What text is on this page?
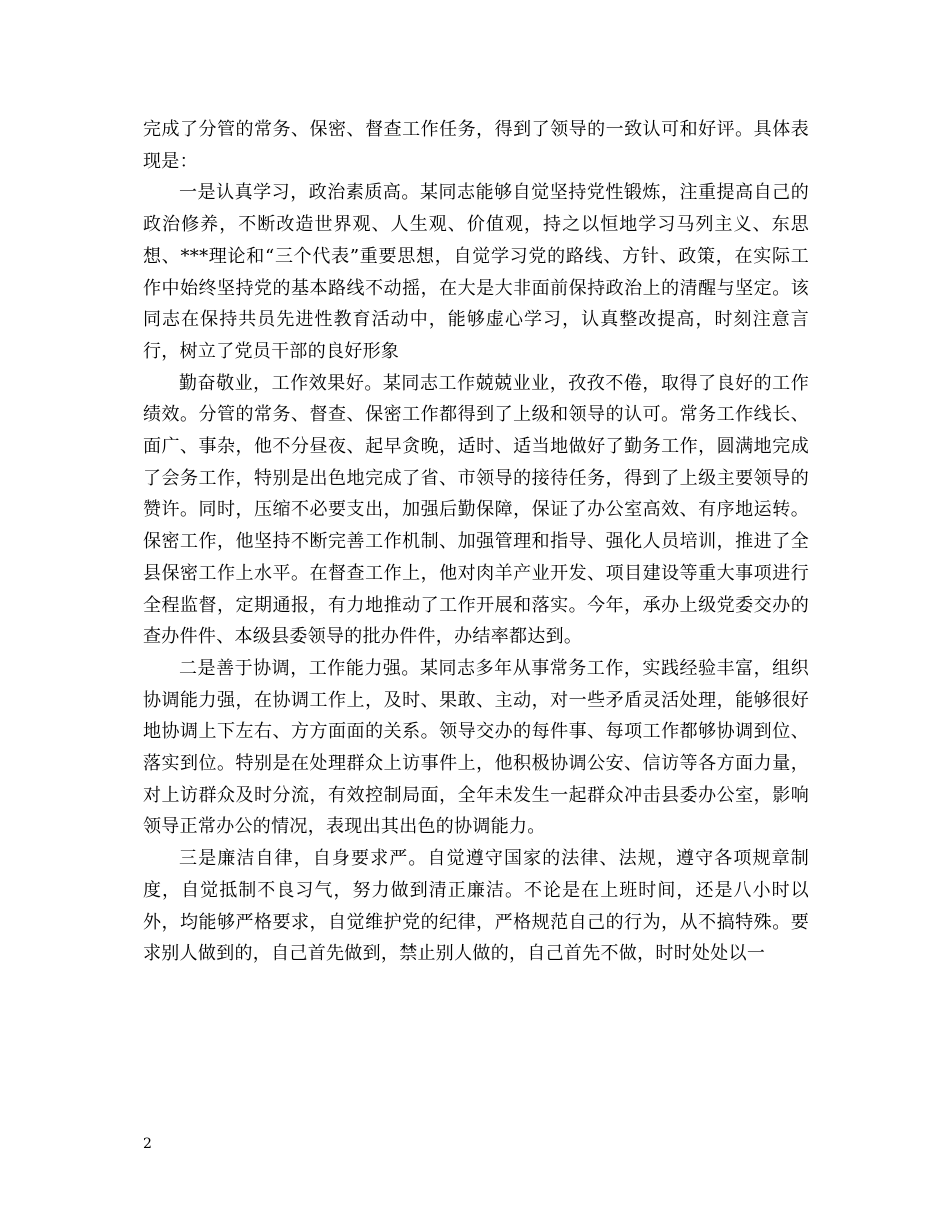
完成了分管的常务、保密、督查工作任务，得到了领导的一致认可和好评。具体表现是：

一是认真学习，政治素质高。某同志能够自觉坚持党性锻炼，注重提高自己的政治修养，不断改造世界观、人生观、价值观，持之以恒地学习马列主义、东思想、***理论和“三个代表”重要思想，自觉学习党的路线、方针、政策，在实际工作中始终坚持党的基本路线不动摇，在大是大非面前保持政治上的清醒与坚定。该同志在保持共员先进性教育活动中，能够虚心学习，认真整改提高，时刻注意言行，树立了党员干部的良好形象

勤奋敬业，工作效果好。某同志工作兢兢业业，孜孜不倦，取得了良好的工作绩效。分管的常务、督查、保密工作都得到了上级和领导的认可。常务工作线长、面广、事杂，他不分昼夜、起早贪晚，适时、适当地做好了勤务工作，圆满地完成了会务工作，特别是出色地完成了省、市领导的接待任务，得到了上级主要领导的赞许。同时，压缩不必要支出，加强后勤保障，保证了办公室高效、有序地运转。保密工作，他坚持不断完善工作机制、加强管理和指导、强化人员培训，推进了全县保密工作上水平。在督查工作上，他对肉羊产业开发、项目建设等重大事项进行全程监督，定期通报，有力地推动了工作开展和落实。今年，承办上级党委交办的查办件件、本级县委领导的批办件件，办结率都达到。

二是善于协调，工作能力强。某同志多年从事常务工作，实践经验丰富，组织协调能力强，在协调工作上，及时、果敢、主动，对一些矛盾灵活处理，能够很好地协调上下左右、方方面面的关系。领导交办的每件事、每项工作都够协调到位、落实到位。特别是在处理群众上访事件上，他积极协调公安、信访等各方面力量，对上访群众及时分流，有效控制局面，全年未发生一起群众冲击县委办公室，影响领导正常办公的情况，表现出其出色的协调能力。

三是廉洁自律，自身要求严。自觉遵守国家的法律、法规，遵守各项规章制度，自觉抵制不良习气，努力做到清正廉洁。不论是在上班时间，还是八小时以外，均能够严格要求，自觉维护党的纪律，严格规范自己的行为，从不搞特殊。要求别人做到的，自己首先做到，禁止别人做的，自己首先不做，时时处处以一

2
